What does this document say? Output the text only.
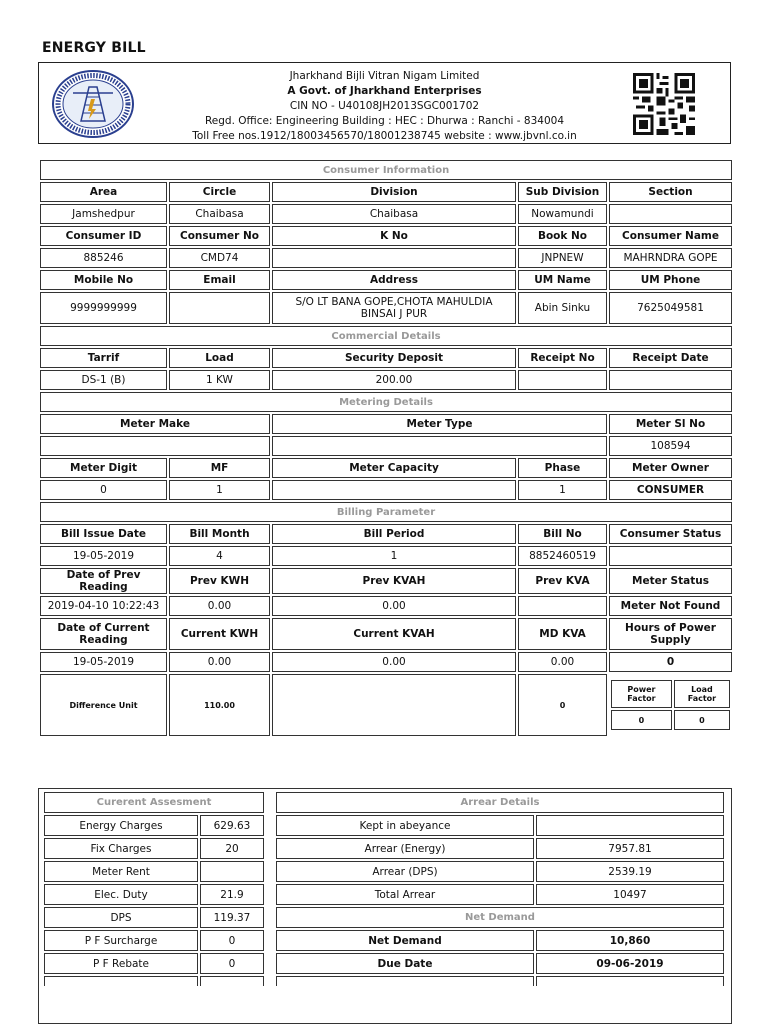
ENERGY BILL
Jharkhand Bijli Vitran Nigam Limited
A Govt. of Jharkhand Enterprises
CIN NO - U40108JH2013SGC001702
Regd. Office: Engineering Building : HEC : Dhurwa : Ranchi - 834004
Toll Free nos.1912/18003456570/18001238745 website : www.jbvnl.co.in
Consumer Information
Area	Circle	Division	Sub Division	Section
Jamshedpur	Chaibasa	Chaibasa	Nowamundi	
Consumer ID	Consumer No	K No	Book No	Consumer Name
885246	CMD74		JNPNEW	MAHRNDRA GOPE
Mobile No	Email	Address	UM Name	UM Phone
9999999999		S/O LT BANA GOPE,CHOTA MAHULDIA BINSAI J PUR	Abin Sinku	7625049581
Commercial Details
Tarrif	Load	Security Deposit	Receipt No	Receipt Date
DS-1 (B)	1 KW	200.00		
Metering Details
Meter Make	Meter Type	Meter Sl No
		108594
Meter Digit	MF	Meter Capacity	Phase	Meter Owner
0	1		1	CONSUMER
Billing Parameter
Bill Issue Date	Bill Month	Bill Period	Bill No	Consumer Status
19-05-2019	4	1	8852460519	
Date of Prev Reading	Prev KWH	Prev KVAH	Prev KVA	Meter Status
2019-04-10 10:22:43	0.00	0.00		Meter Not Found
Date of Current Reading	Current KWH	Current KVAH	MD KVA	Hours of Power Supply
19-05-2019	0.00	0.00	0.00	0
Difference Unit	110.00		0	
Power Factor	Load Factor
0	0
Curerent Assesment	
Energy Charges	629.63
Fix Charges	20
Meter Rent	
Elec. Duty	21.9
DPS	119.37
P F Surcharge	0
P F Rebate	0

Arrear Details	
Kept in abeyance	
Arrear (Energy)	7957.81
Arrear (DPS)	2539.19
Total Arrear	10497
Net Demand	
Net Demand	10,860
Due Date	09-06-2019
